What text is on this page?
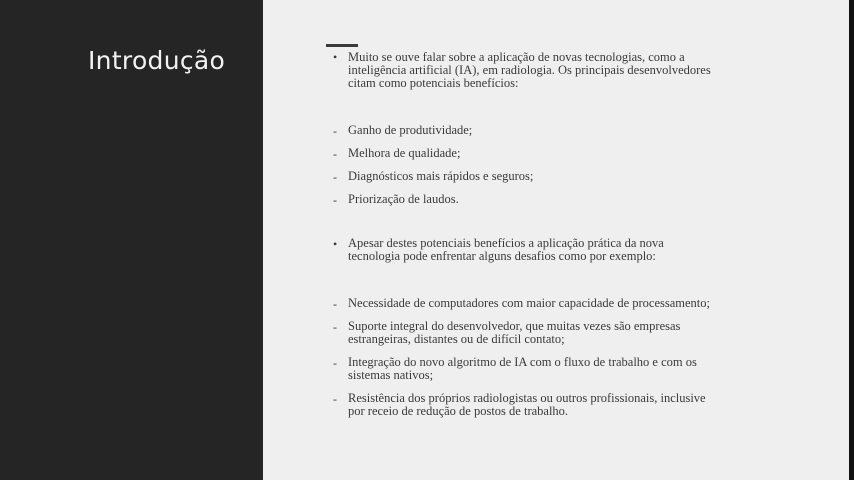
Introdução	• Muito se ouve falar sobre a aplicação de novas tecnologias, como a
inteligência artificial (IA), em radiologia. Os principais desenvolvedores
citam como potenciais benefícios:

- Ganho de produtividade;

- Melhora de qualidade;

- Diagnósticos mais rápidos e seguros;

- Priorização de laudos.

• Apesar destes potenciais benefícios a aplicação prática da nova
tecnologia pode enfrentar alguns desafios como por exemplo:

- Necessidade de computadores com maior capacidade de processamento;

- Suporte integral do desenvolvedor, que muitas vezes são empresas
estrangeiras, distantes ou de difícil contato;

- Integração do novo algoritmo de IA com o fluxo de trabalho e com os
sistemas nativos;

- Resistência dos próprios radiologistas ou outros profissionais, inclusive
por receio de redução de postos de trabalho.
